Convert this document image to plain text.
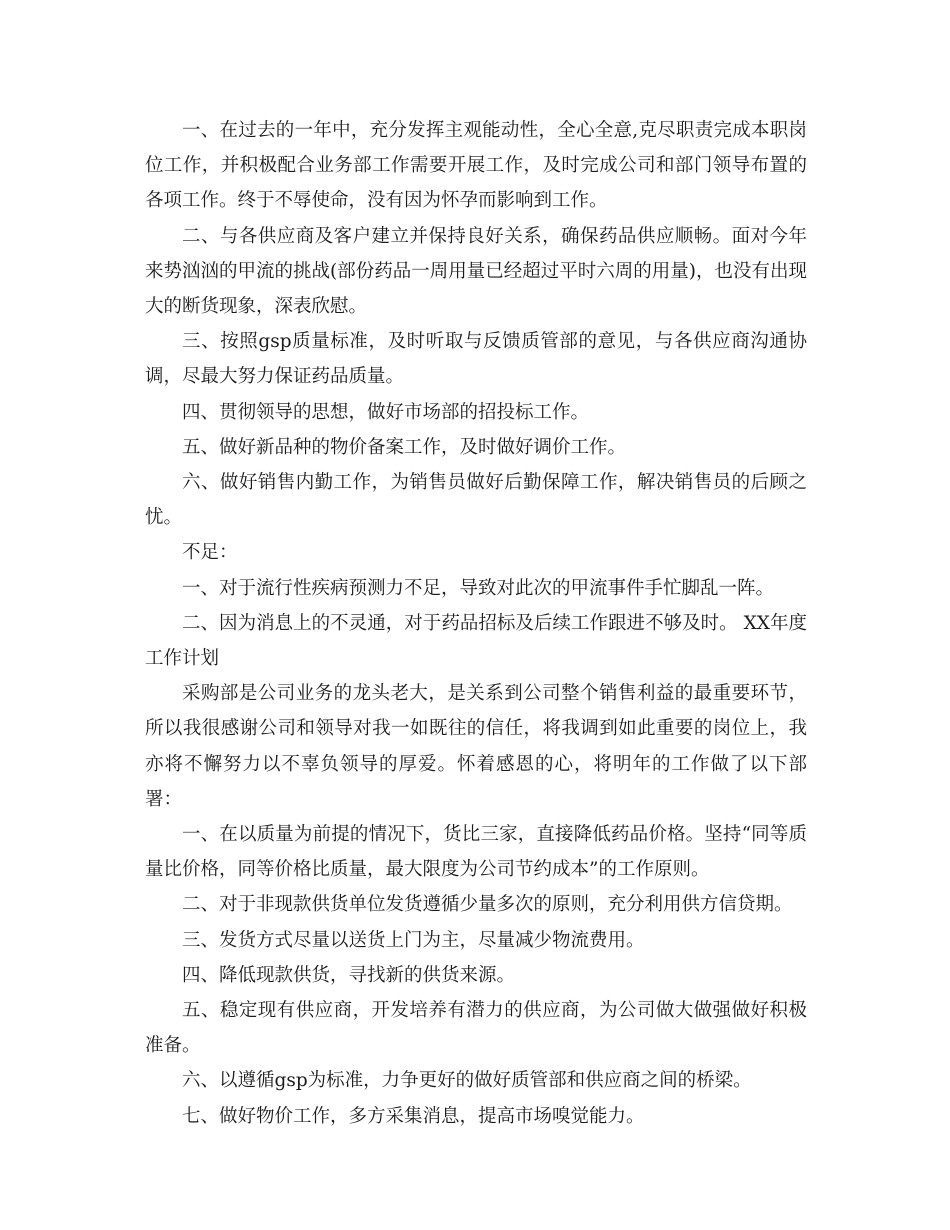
一、在过去的一年中，充分发挥主观能动性，全心全意,克尽职责完成本职岗位工作，并积极配合业务部工作需要开展工作，及时完成公司和部门领导布置的各项工作。终于不辱使命，没有因为怀孕而影响到工作。

二、与各供应商及客户建立并保持良好关系，确保药品供应顺畅。面对今年来势汹汹的甲流的挑战(部份药品一周用量已经超过平时六周的用量)，也没有出现大的断货现象，深表欣慰。

三、按照gsp质量标准，及时听取与反馈质管部的意见，与各供应商沟通协调，尽最大努力保证药品质量。

四、贯彻领导的思想，做好市场部的招投标工作。

五、做好新品种的物价备案工作，及时做好调价工作。

六、做好销售内勤工作，为销售员做好后勤保障工作，解决销售员的后顾之忧。

不足：

一、对于流行性疾病预测力不足，导致对此次的甲流事件手忙脚乱一阵。

二、因为消息上的不灵通，对于药品招标及后续工作跟进不够及时。 XX年度工作计划

采购部是公司业务的龙头老大，是关系到公司整个销售利益的最重要环节，所以我很感谢公司和领导对我一如既往的信任，将我调到如此重要的岗位上，我亦将不懈努力以不辜负领导的厚爱。怀着感恩的心，将明年的工作做了以下部署：

一、在以质量为前提的情况下，货比三家，直接降低药品价格。坚持“同等质量比价格，同等价格比质量，最大限度为公司节约成本”的工作原则。

二、对于非现款供货单位发货遵循少量多次的原则，充分利用供方信贷期。

三、发货方式尽量以送货上门为主，尽量减少物流费用。

四、降低现款供货，寻找新的供货来源。

五、稳定现有供应商，开发培养有潜力的供应商，为公司做大做强做好积极准备。

六、以遵循gsp为标准，力争更好的做好质管部和供应商之间的桥梁。

七、做好物价工作，多方采集消息，提高市场嗅觉能力。
